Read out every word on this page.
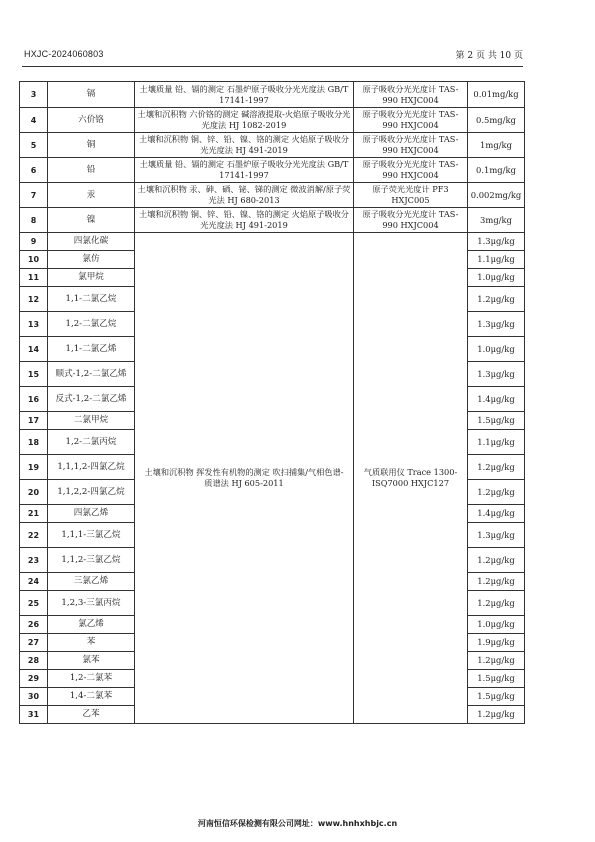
HXJC-2024060803	第 2 页 共 10 页
3	镉	土壤质量 铅、镉的测定 石墨炉原子吸收分光光度法 GB/T 17141-1997	原子吸收分光光度计 TAS-990 HXJC004	0.01mg/kg
4	六价铬	土壤和沉积物 六价铬的测定 碱溶液提取-火焰原子吸收分光光度法 HJ 1082-2019	原子吸收分光光度计 TAS-990 HXJC004	0.5mg/kg
5	铜	土壤和沉积物 铜、锌、铅、镍、铬的测定 火焰原子吸收分光光度法 HJ 491-2019	原子吸收分光光度计 TAS-990 HXJC004	1mg/kg
6	铅	土壤质量 铅、镉的测定 石墨炉原子吸收分光光度法 GB/T 17141-1997	原子吸收分光光度计 TAS-990 HXJC004	0.1mg/kg
7	汞	土壤和沉积物 汞、砷、硒、铋、锑的测定 微波消解/原子荧光法 HJ 680-2013	原子荧光光度计 PF3 HXJC005	0.002mg/kg
8	镍	土壤和沉积物 铜、锌、铅、镍、铬的测定 火焰原子吸收分光光度法 HJ 491-2019	原子吸收分光光度计 TAS-990 HXJC004	3mg/kg
9	四氯化碳	土壤和沉积物 挥发性有机物的测定 吹扫捕集/气相色谱-质谱法 HJ 605-2011	气质联用仪 Trace 1300-ISQ7000 HXJC127	1.3μg/kg
10	氯仿			1.1μg/kg
11	氯甲烷			1.0μg/kg
12	1,1-二氯乙烷			1.2μg/kg
13	1,2-二氯乙烷			1.3μg/kg
14	1,1-二氯乙烯			1.0μg/kg
15	顺式-1,2-二氯乙烯			1.3μg/kg
16	反式-1,2-二氯乙烯			1.4μg/kg
17	二氯甲烷			1.5μg/kg
18	1,2-二氯丙烷			1.1μg/kg
19	1,1,1,2-四氯乙烷			1.2μg/kg
20	1,1,2,2-四氯乙烷			1.2μg/kg
21	四氯乙烯			1.4μg/kg
22	1,1,1-三氯乙烷			1.3μg/kg
23	1,1,2-三氯乙烷			1.2μg/kg
24	三氯乙烯			1.2μg/kg
25	1,2,3-三氯丙烷			1.2μg/kg
26	氯乙烯			1.0μg/kg
27	苯			1.9μg/kg
28	氯苯			1.2μg/kg
29	1,2-二氯苯			1.5μg/kg
30	1,4-二氯苯			1.5μg/kg
31	乙苯			1.2μg/kg
河南恒信环保检测有限公司网址：www.hnhxhbjc.cn
